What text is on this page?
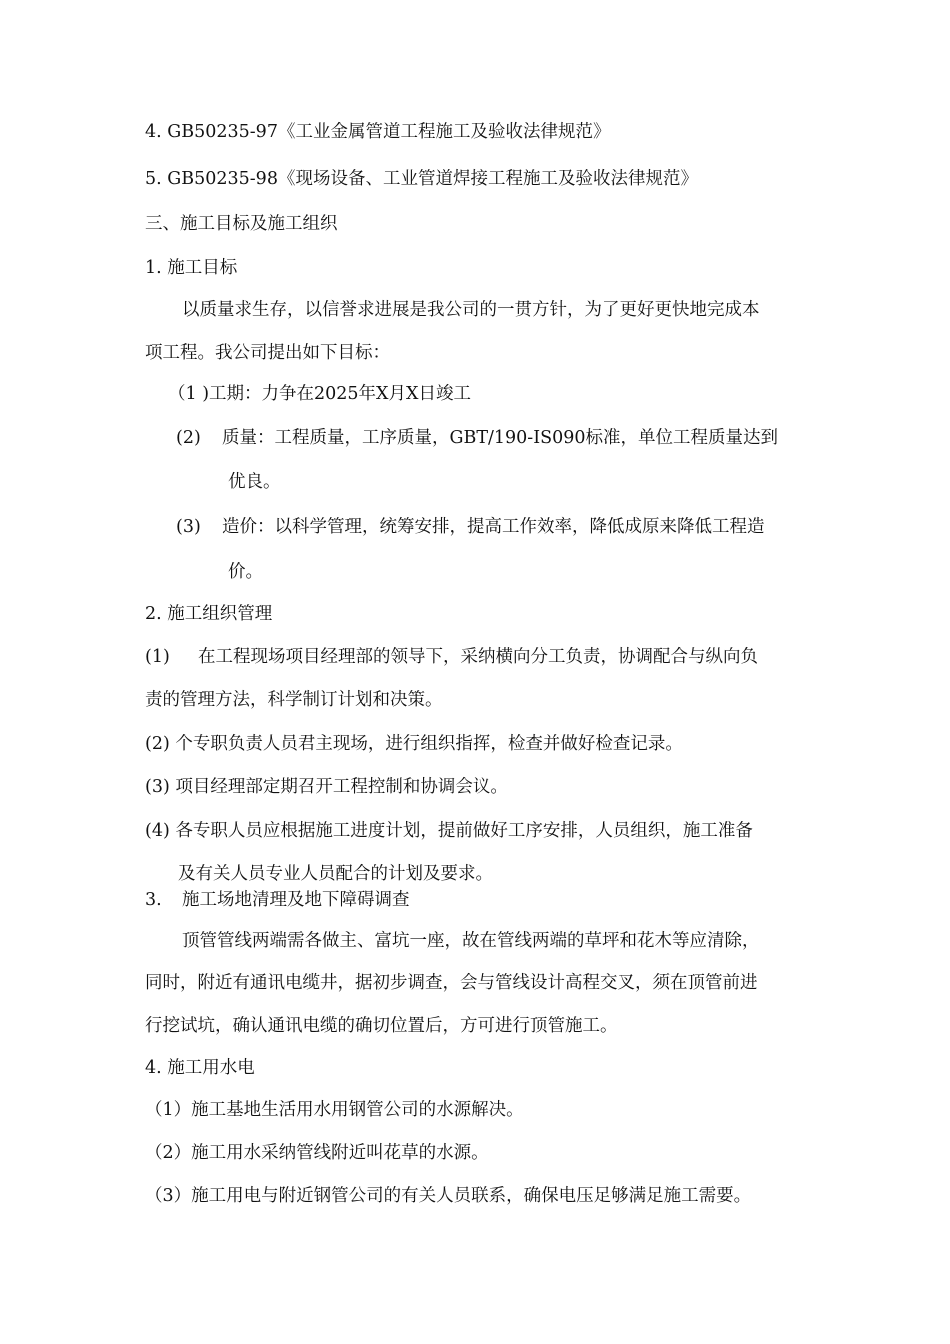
4. GB50235-97《工业金属管道工程施工及验收法律规范》
5. GB50235-98《现场设备、工业管道焊接工程施工及验收法律规范》
三、施工目标及施工组织
1. 施工目标
以质量求生存，以信誉求进展是我公司的一贯方针，为了更好更快地完成本
项工程。我公司提出如下目标：
（1 )工期：力争在2025年X月X日竣工
(2) 质量：工程质量，工序质量，GBT/190-IS090标准，单位工程质量达到
优良。
(3) 造价：以科学管理，统筹安排，提高工作效率，降低成原来降低工程造
价。
2. 施工组织管理
(1) 在工程现场项目经理部的领导下，采纳横向分工负责，协调配合与纵向负
责的管理方法，科学制订计划和决策。
(2) 个专职负责人员君主现场，进行组织指挥，检查并做好检查记录。
(3) 项目经理部定期召开工程控制和协调会议。
(4) 各专职人员应根据施工进度计划，提前做好工序安排，人员组织，施工准备
及有关人员专业人员配合的计划及要求。
3. 施工场地清理及地下障碍调查
顶管管线两端需各做主、富坑一座，故在管线两端的草坪和花木等应清除，
同时，附近有通讯电缆井，据初步调查，会与管线设计高程交叉，须在顶管前进
行挖试坑，确认通讯电缆的确切位置后，方可进行顶管施工。
4. 施工用水电
（1）施工基地生活用水用钢管公司的水源解决。
（2）施工用水采纳管线附近叫花草的水源。
（3）施工用电与附近钢管公司的有关人员联系，确保电压足够满足施工需要。
